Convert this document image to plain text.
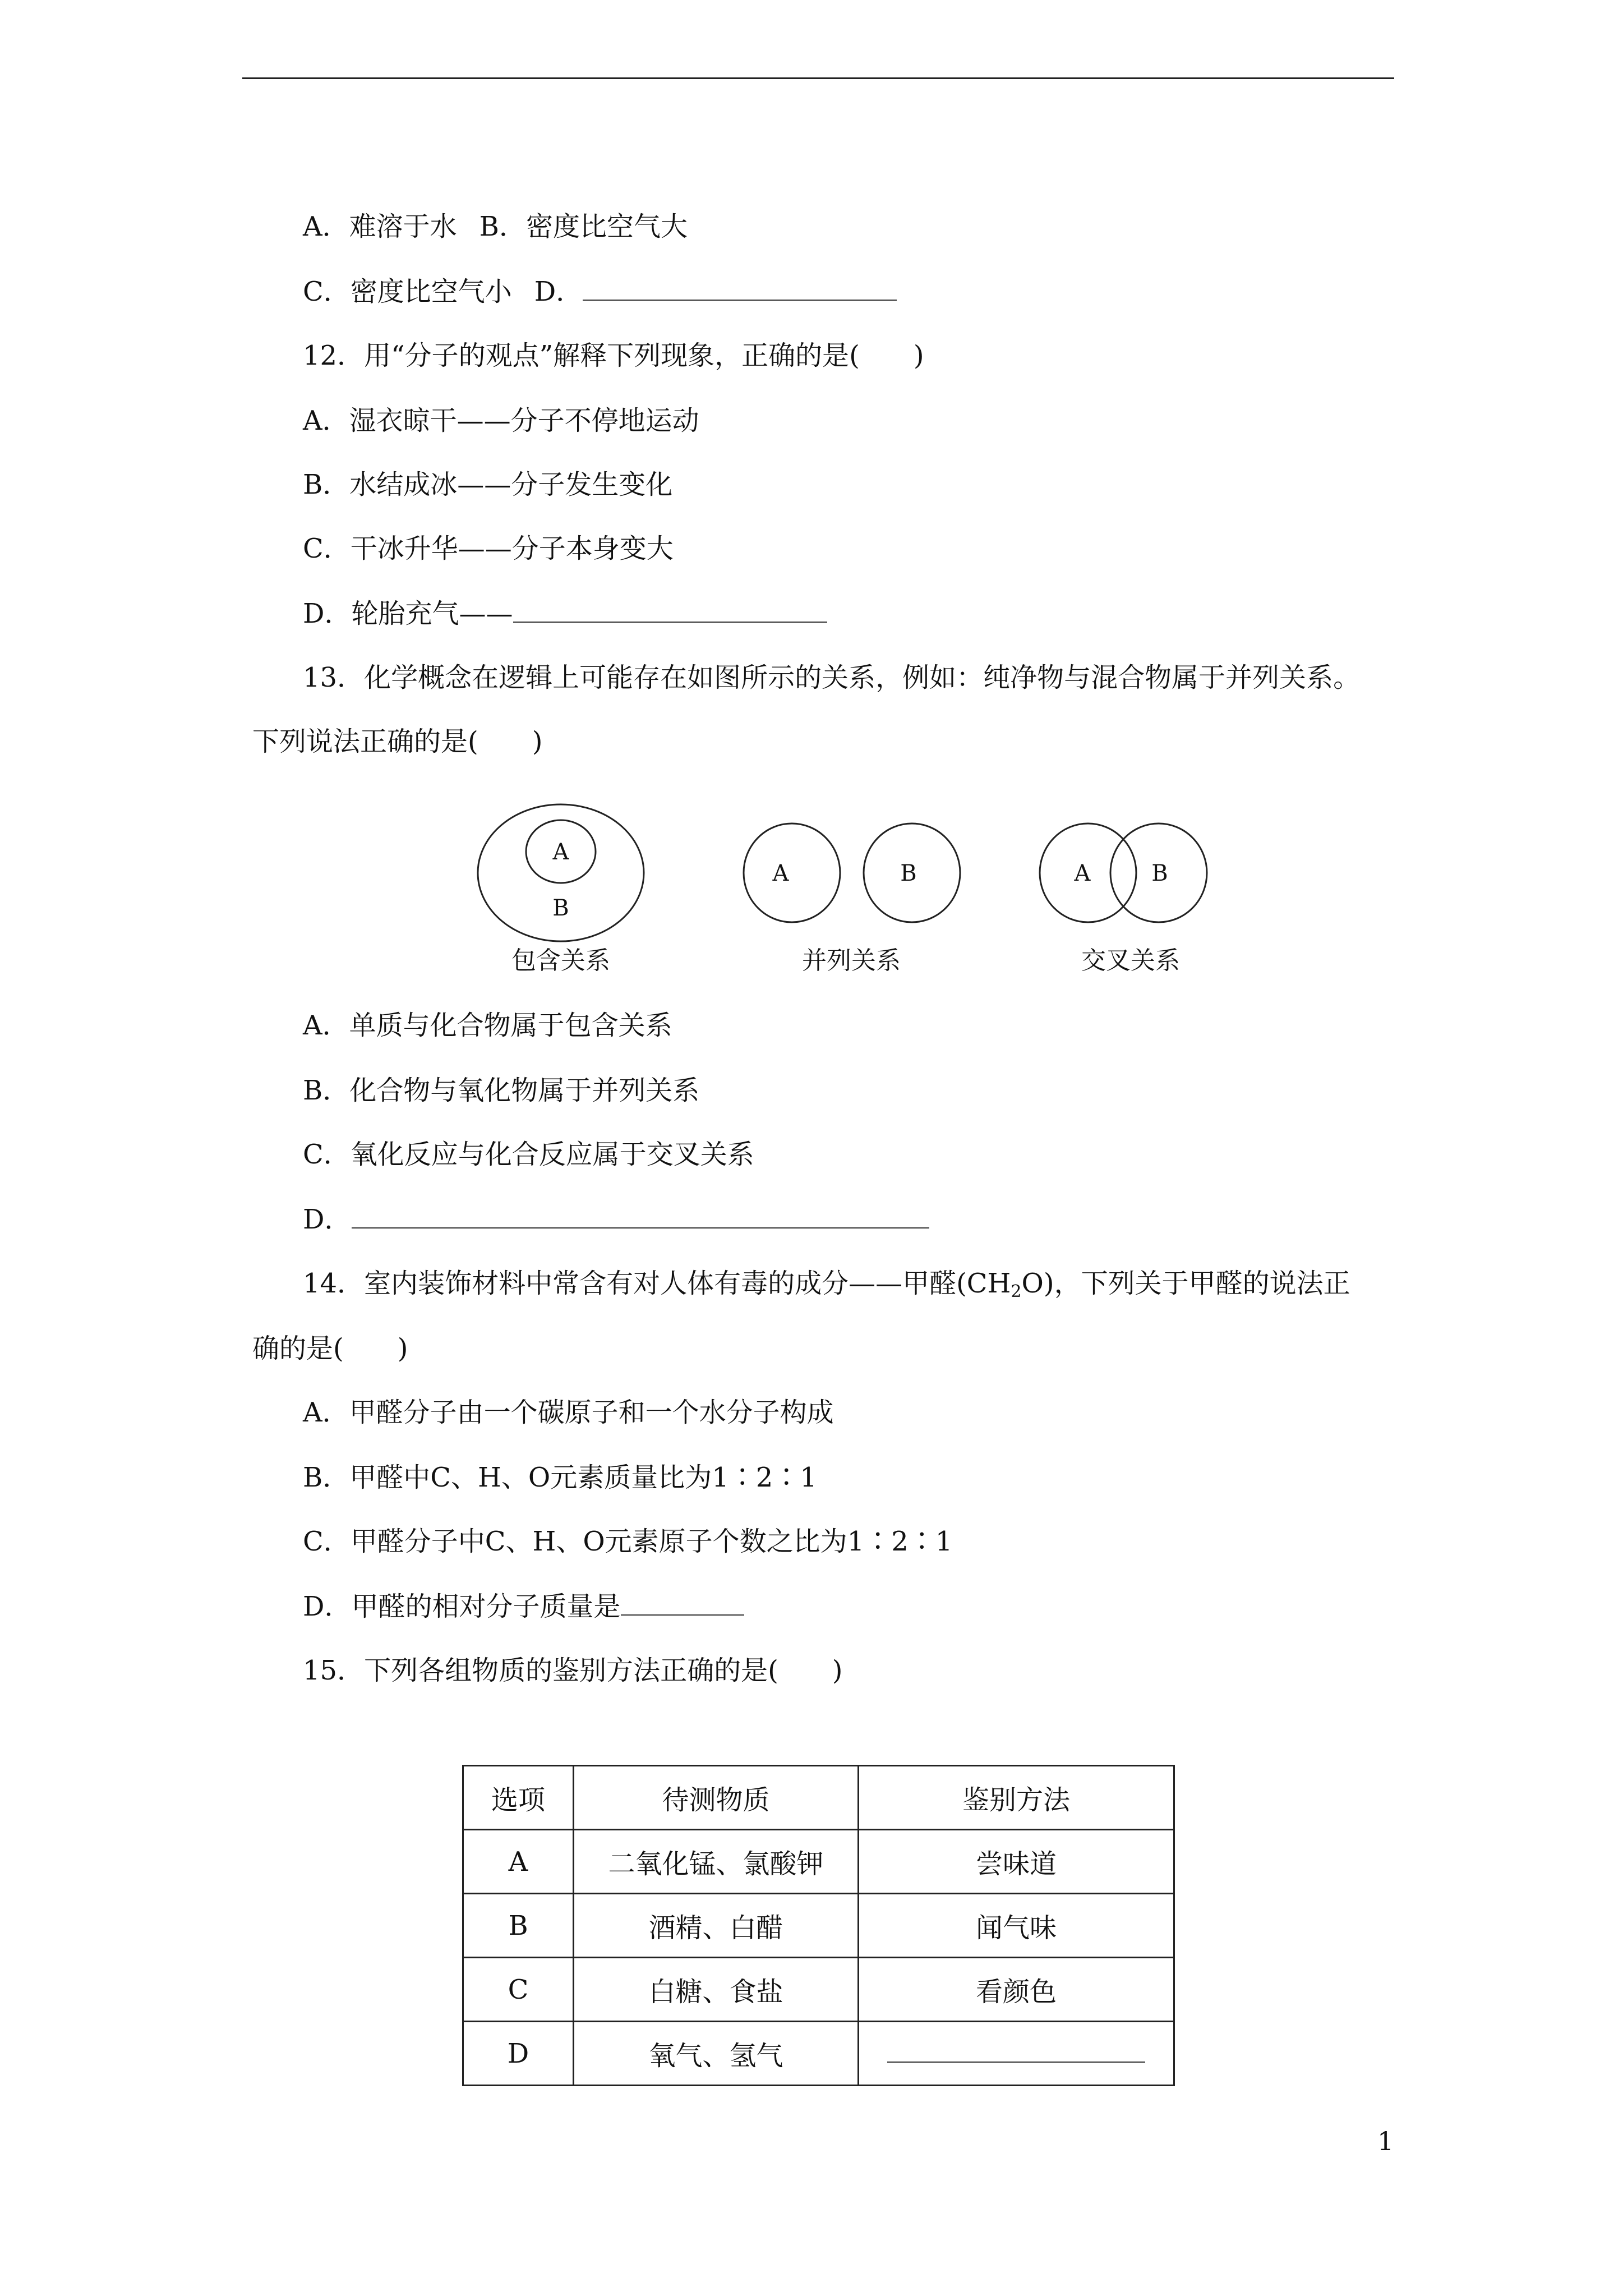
A．难溶于水 B．密度比空气大
C．密度比空气小 D．
12．用“分子的观点”解释下列现象，正确的是(　　)
A．湿衣晾干——分子不停地运动
B．水结成冰——分子发生变化
C．干冰升华——分子本身变大
D．轮胎充气——
13．化学概念在逻辑上可能存在如图所示的关系，例如：纯净物与混合物属于并列关系。
下列说法正确的是(　　)
A
B
A	B	A	B
包含关系	并列关系	交叉关系
A．单质与化合物属于包含关系
B．化合物与氧化物属于并列关系
C．氧化反应与化合反应属于交叉关系
D．
14．室内装饰材料中常含有对人体有毒的成分——甲醛$(CH_2O)$，下列关于甲醛的说法正
确的是(　　)
A．甲醛分子由一个碳原子和一个水分子构成
B．甲醛中C、H、O元素质量比为1∶2∶1
C．甲醛分子中C、H、O元素原子个数之比为1∶2∶1
D．甲醛的相对分子质量是
15．下列各组物质的鉴别方法正确的是(　　)
选项	待测物质	鉴别方法
A	二氧化锰、氯酸钾	尝味道
B	酒精、白醋	闻气味
C	白糖、食盐	看颜色
D	氧气、氢气	
1
